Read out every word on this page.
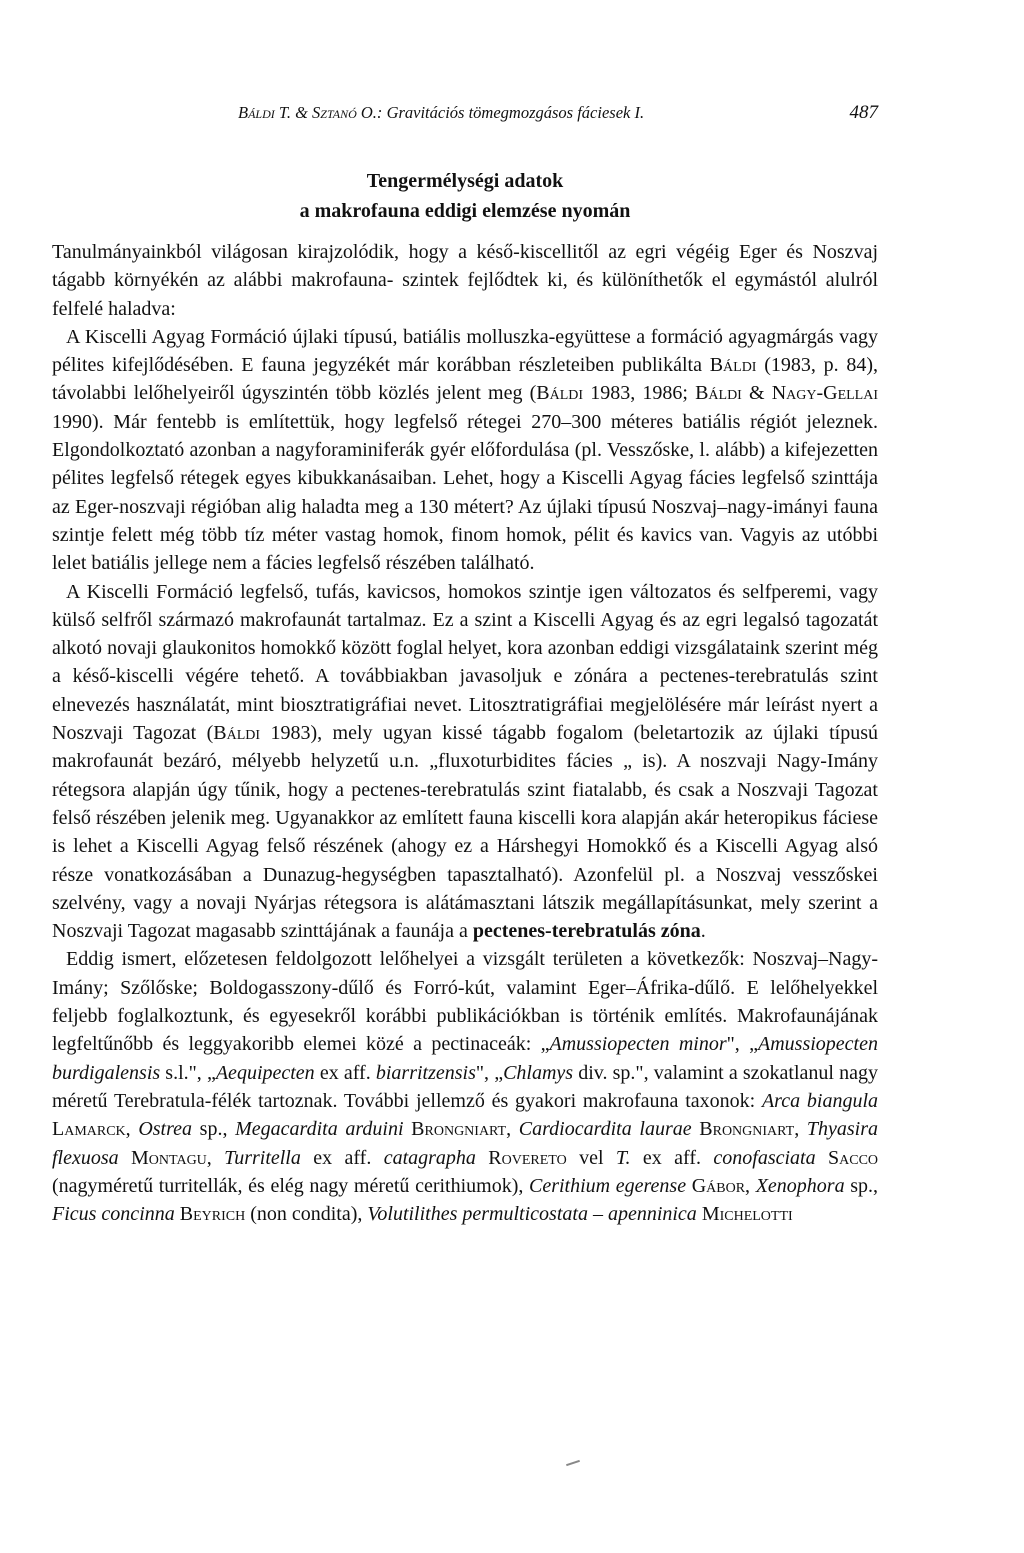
Báldi T. & Sztanó O.: Gravitációs tömegmozgásos fáciesek I.	487
Tengermélységi adatok
a makrofauna eddigi elemzése nyomán

Tanulmányainkból világosan kirajzolódik, hogy a késő-kiscellitől az egri végéig Eger és Noszvaj tágabb környékén az alábbi makrofauna- szintek fejlődtek ki, és különíthetők el egymástól alulról felfelé haladva:

A Kiscelli Agyag Formáció újlaki típusú, batiális molluszka-együttese a formáció agyagmárgás vagy pélites kifejlődésében. E fauna jegyzékét már korábban részleteiben publikálta Báldi (1983, p. 84), távolabbi lelőhelyeiről úgyszintén több közlés jelent meg (Báldi 1983, 1986; Báldi & Nagy-Gellai 1990). Már fentebb is említettük, hogy legfelső rétegei 270–300 méteres batiális régiót jeleznek. Elgondolkoztató azonban a nagyforaminiferák gyér előfordulása (pl. Vesszőske, l. alább) a kifejezetten pélites legfelső rétegek egyes kibukkanásaiban. Lehet, hogy a Kiscelli Agyag fácies legfelső szinttája az Eger-noszvaji régióban alig haladta meg a 130 métert? Az újlaki típusú Noszvaj–nagy-imányi fauna szintje felett még több tíz méter vastag homok, finom homok, pélit és kavics van. Vagyis az utóbbi lelet batiális jellege nem a fácies legfelső részében található.

A Kiscelli Formáció legfelső, tufás, kavicsos, homokos szintje igen változatos és selfperemi, vagy külső selfről származó makrofaunát tartalmaz. Ez a szint a Kiscelli Agyag és az egri legalsó tagozatát alkotó novaji glaukonitos homokkő között foglal helyet, kora azonban eddigi vizsgálataink szerint még a késő-kiscelli végére tehető. A továbbiakban javasoljuk e zónára a pectenes-terebratulás szint elnevezés használatát, mint biosztratigráfiai nevet. Litosztratigráfiai megjelölésére már leírást nyert a Noszvaji Tagozat (Báldi 1983), mely ugyan kissé tágabb fogalom (beletartozik az újlaki típusú makrofaunát bezáró, mélyebb helyzetű u.n. „fluxoturbidites fácies „ is). A noszvaji Nagy-Imány rétegsora alapján úgy tűnik, hogy a pectenes-terebratulás szint fiatalabb, és csak a Noszvaji Tagozat felső részében jelenik meg. Ugyanakkor az említett fauna kiscelli kora alapján akár heteropikus fáciese is lehet a Kiscelli Agyag felső részének (ahogy ez a Hárshegyi Homokkő és a Kiscelli Agyag alsó része vonatkozásában a Dunazug-hegységben tapasztalható). Azonfelül pl. a Noszvaj vesszőskei szelvény, vagy a novaji Nyárjas rétegsora is alátámasztani látszik megállapításunkat, mely szerint a Noszvaji Tagozat magasabb szinttájának a faunája a pectenes-terebratulás zóna.

Eddig ismert, előzetesen feldolgozott lelőhelyei a vizsgált területen a következők: Noszvaj–Nagy-Imány; Szőlőske; Boldogasszony-dűlő és Forró-kút, valamint Eger–Áfrika-dűlő. E lelőhelyekkel feljebb foglalkoztunk, és egyesekről korábbi publikációkban is történik említés. Makrofaunájának legfeltűnőbb és leggyakoribb elemei közé a pectinaceák: „Amussiopecten minor", „Amussiopecten burdigalensis s.l.", „Aequipecten ex aff. biarritzensis", „Chlamys div. sp.", valamint a szokatlanul nagy méretű Terebratula-félék tartoznak. További jellemző és gyakori makrofauna taxonok: Arca biangula Lamarck, Ostrea sp., Megacardita arduini Brongniart, Cardiocardita laurae Brongniart, Thyasira flexuosa Montagu, Turritella ex aff. catagrapha Rovereto vel T. ex aff. conofasciata Sacco (nagyméretű turritellák, és elég nagy méretű cerithiumok), Cerithium egerense Gábor, Xenophora sp., Ficus concinna Beyrich (non condita), Volutilithes permulticostata – apenninica Michelotti
